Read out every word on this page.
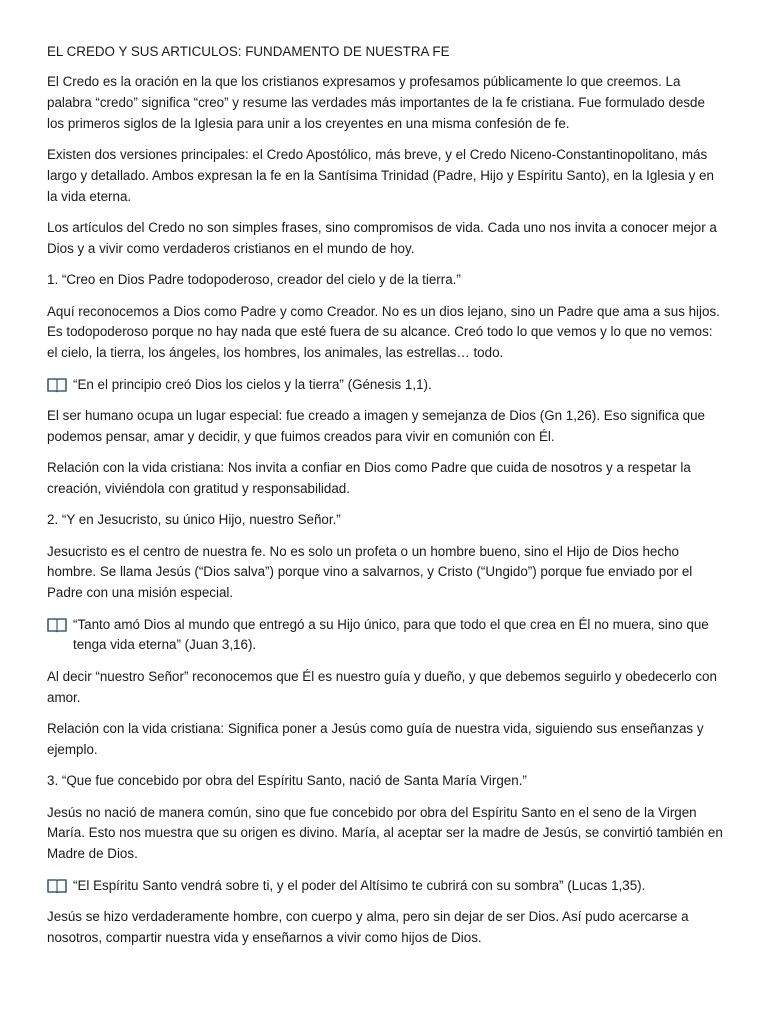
EL CREDO Y SUS ARTICULOS: FUNDAMENTO DE NUESTRA FE

El Credo es la oración en la que los cristianos expresamos y profesamos públicamente lo que creemos. La palabra “credo” significa “creo” y resume las verdades más importantes de la fe cristiana. Fue formulado desde los primeros siglos de la Iglesia para unir a los creyentes en una misma confesión de fe.

Existen dos versiones principales: el Credo Apostólico, más breve, y el Credo Niceno-Constantinopolitano, más largo y detallado. Ambos expresan la fe en la Santísima Trinidad (Padre, Hijo y Espíritu Santo), en la Iglesia y en la vida eterna.

Los artículos del Credo no son simples frases, sino compromisos de vida. Cada uno nos invita a conocer mejor a Dios y a vivir como verdaderos cristianos en el mundo de hoy.

1. “Creo en Dios Padre todopoderoso, creador del cielo y de la tierra.”

Aquí reconocemos a Dios como Padre y como Creador. No es un dios lejano, sino un Padre que ama a sus hijos. Es todopoderoso porque no hay nada que esté fuera de su alcance. Creó todo lo que vemos y lo que no vemos: el cielo, la tierra, los ángeles, los hombres, los animales, las estrellas… todo.

“En el principio creó Dios los cielos y la tierra” (Génesis 1,1).

El ser humano ocupa un lugar especial: fue creado a imagen y semejanza de Dios (Gn 1,26). Eso significa que podemos pensar, amar y decidir, y que fuimos creados para vivir en comunión con Él.

Relación con la vida cristiana: Nos invita a confiar en Dios como Padre que cuida de nosotros y a respetar la creación, viviéndola con gratitud y responsabilidad.

2. “Y en Jesucristo, su único Hijo, nuestro Señor.”

Jesucristo es el centro de nuestra fe. No es solo un profeta o un hombre bueno, sino el Hijo de Dios hecho hombre. Se llama Jesús (“Dios salva”) porque vino a salvarnos, y Cristo (“Ungido”) porque fue enviado por el Padre con una misión especial.

“Tanto amó Dios al mundo que entregó a su Hijo único, para que todo el que crea en Él no muera, sino que tenga vida eterna” (Juan 3,16).

Al decir “nuestro Señor” reconocemos que Él es nuestro guía y dueño, y que debemos seguirlo y obedecerlo con amor.

Relación con la vida cristiana: Significa poner a Jesús como guía de nuestra vida, siguiendo sus enseñanzas y ejemplo.

3. “Que fue concebido por obra del Espíritu Santo, nació de Santa María Virgen.”

Jesús no nació de manera común, sino que fue concebido por obra del Espíritu Santo en el seno de la Virgen María. Esto nos muestra que su origen es divino. María, al aceptar ser la madre de Jesús, se convirtió también en Madre de Dios.

“El Espíritu Santo vendrá sobre ti, y el poder del Altísimo te cubrirá con su sombra” (Lucas 1,35).

Jesús se hizo verdaderamente hombre, con cuerpo y alma, pero sin dejar de ser Dios. Así pudo acercarse a nosotros, compartir nuestra vida y enseñarnos a vivir como hijos de Dios.
